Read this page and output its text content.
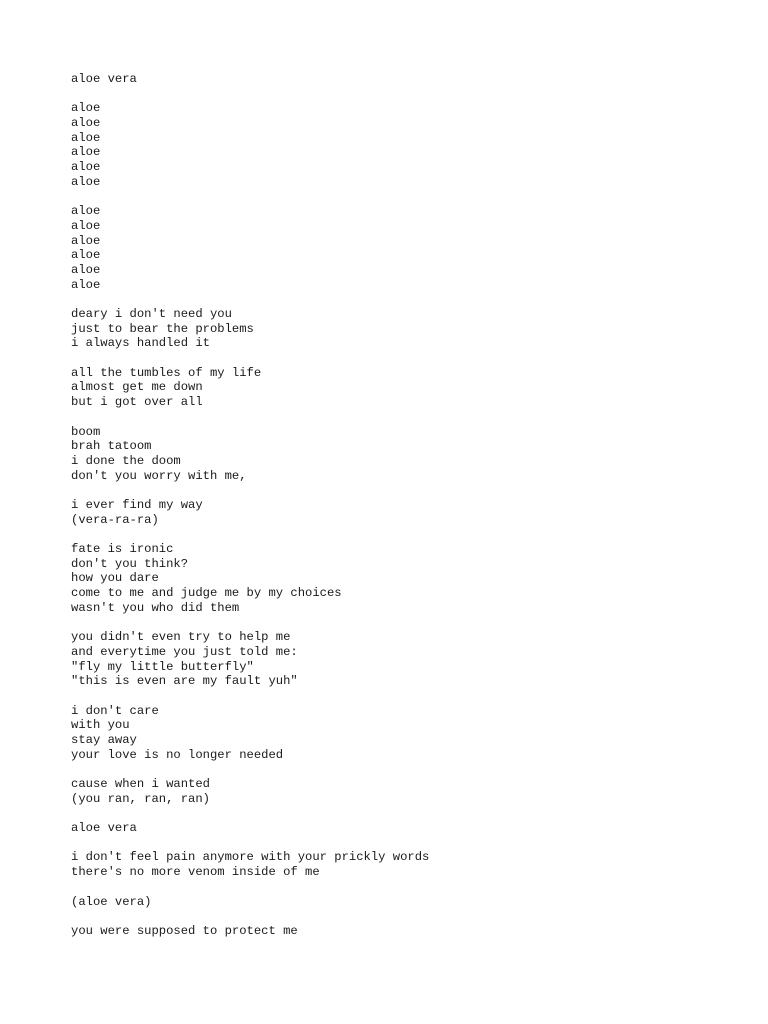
aloe vera
aloe
aloe
aloe
aloe
aloe
aloe
aloe
aloe
aloe
aloe
aloe
aloe
deary i don't need you
just to bear the problems
i always handled it
all the tumbles of my life
almost get me down
but i got over all
boom
brah tatoom
i done the doom
don't you worry with me,
i ever find my way
(vera-ra-ra)
fate is ironic
don't you think?
how you dare
come to me and judge me by my choices
wasn't you who did them
you didn't even try to help me
and everytime you just told me:
"fly my little butterfly"
"this is even are my fault yuh"
i don't care
with you
stay away
your love is no longer needed
cause when i wanted
(you ran, ran, ran)
aloe vera
i don't feel pain anymore with your prickly words
there's no more venom inside of me
(aloe vera)
you were supposed to protect me
